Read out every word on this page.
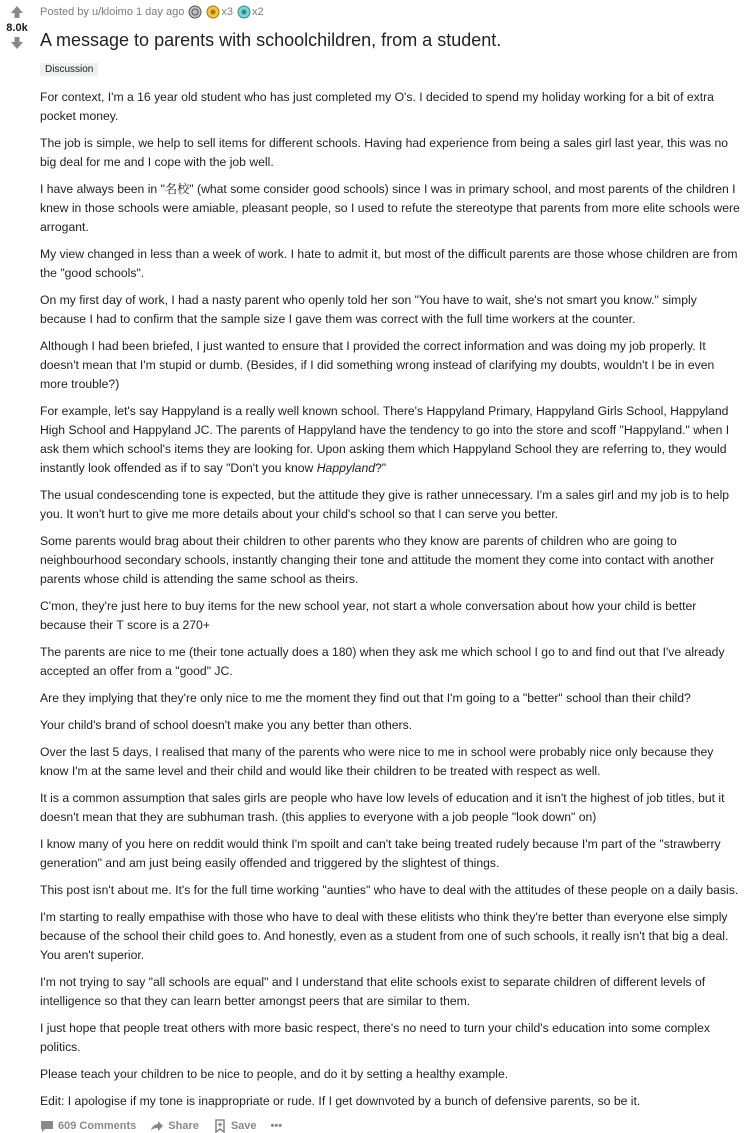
8.0k
Posted by u/kloimo 1 day ago	x3 x2
A message to parents with schoolchildren, from a student.
Discussion

For context, I'm a 16 year old student who has just completed my O's. I decided to spend my holiday working for a bit of extra pocket money.

The job is simple, we help to sell items for different schools. Having had experience from being a sales girl last year, this was no big deal for me and I cope with the job well.

I have always been in "名校" (what some consider good schools) since I was in primary school, and most parents of the children I knew in those schools were amiable, pleasant people, so I used to refute the stereotype that parents from more elite schools were arrogant.

My view changed in less than a week of work. I hate to admit it, but most of the difficult parents are those whose children are from the "good schools".

On my first day of work, I had a nasty parent who openly told her son "You have to wait, she's not smart you know." simply because I had to confirm that the sample size I gave them was correct with the full time workers at the counter.

Although I had been briefed, I just wanted to ensure that I provided the correct information and was doing my job properly. It doesn't mean that I'm stupid or dumb. (Besides, if I did something wrong instead of clarifying my doubts, wouldn't I be in even more trouble?)

For example, let's say Happyland is a really well known school. There's Happyland Primary, Happyland Girls School, Happyland High School and Happyland JC. The parents of Happyland have the tendency to go into the store and scoff "Happyland." when I ask them which school's items they are looking for. Upon asking them which Happyland School they are referring to, they would instantly look offended as if to say "Don't you know Happyland?"

The usual condescending tone is expected, but the attitude they give is rather unnecessary. I'm a sales girl and my job is to help you. It won't hurt to give me more details about your child's school so that I can serve you better.

Some parents would brag about their children to other parents who they know are parents of children who are going to neighbourhood secondary schools, instantly changing their tone and attitude the moment they come into contact with another parents whose child is attending the same school as theirs.

C'mon, they're just here to buy items for the new school year, not start a whole conversation about how your child is better because their T score is a 270+

The parents are nice to me (their tone actually does a 180) when they ask me which school I go to and find out that I've already accepted an offer from a "good" JC.

Are they implying that they're only nice to me the moment they find out that I'm going to a "better" school than their child?

Your child's brand of school doesn't make you any better than others.

Over the last 5 days, I realised that many of the parents who were nice to me in school were probably nice only because they know I'm at the same level and their child and would like their children to be treated with respect as well.

It is a common assumption that sales girls are people who have low levels of education and it isn't the highest of job titles, but it doesn't mean that they are subhuman trash. (this applies to everyone with a job people "look down" on)

I know many of you here on reddit would think I'm spoilt and can't take being treated rudely because I'm part of the "strawberry generation" and am just being easily offended and triggered by the slightest of things.

This post isn't about me. It's for the full time working "aunties" who have to deal with the attitudes of these people on a daily basis.

I'm starting to really empathise with those who have to deal with these elitists who think they're better than everyone else simply because of the school their child goes to. And honestly, even as a student from one of such schools, it really isn't that big a deal. You aren't superior.

I'm not trying to say "all schools are equal" and I understand that elite schools exist to separate children of different levels of intelligence so that they can learn better amongst peers that are similar to them.

I just hope that people treat others with more basic respect, there's no need to turn your child's education into some complex politics.

Please teach your children to be nice to people, and do it by setting a healthy example.

Edit: I apologise if my tone is inappropriate or rude. If I get downvoted by a bunch of defensive parents, so be it.

609 Comments	Share	Save •••
